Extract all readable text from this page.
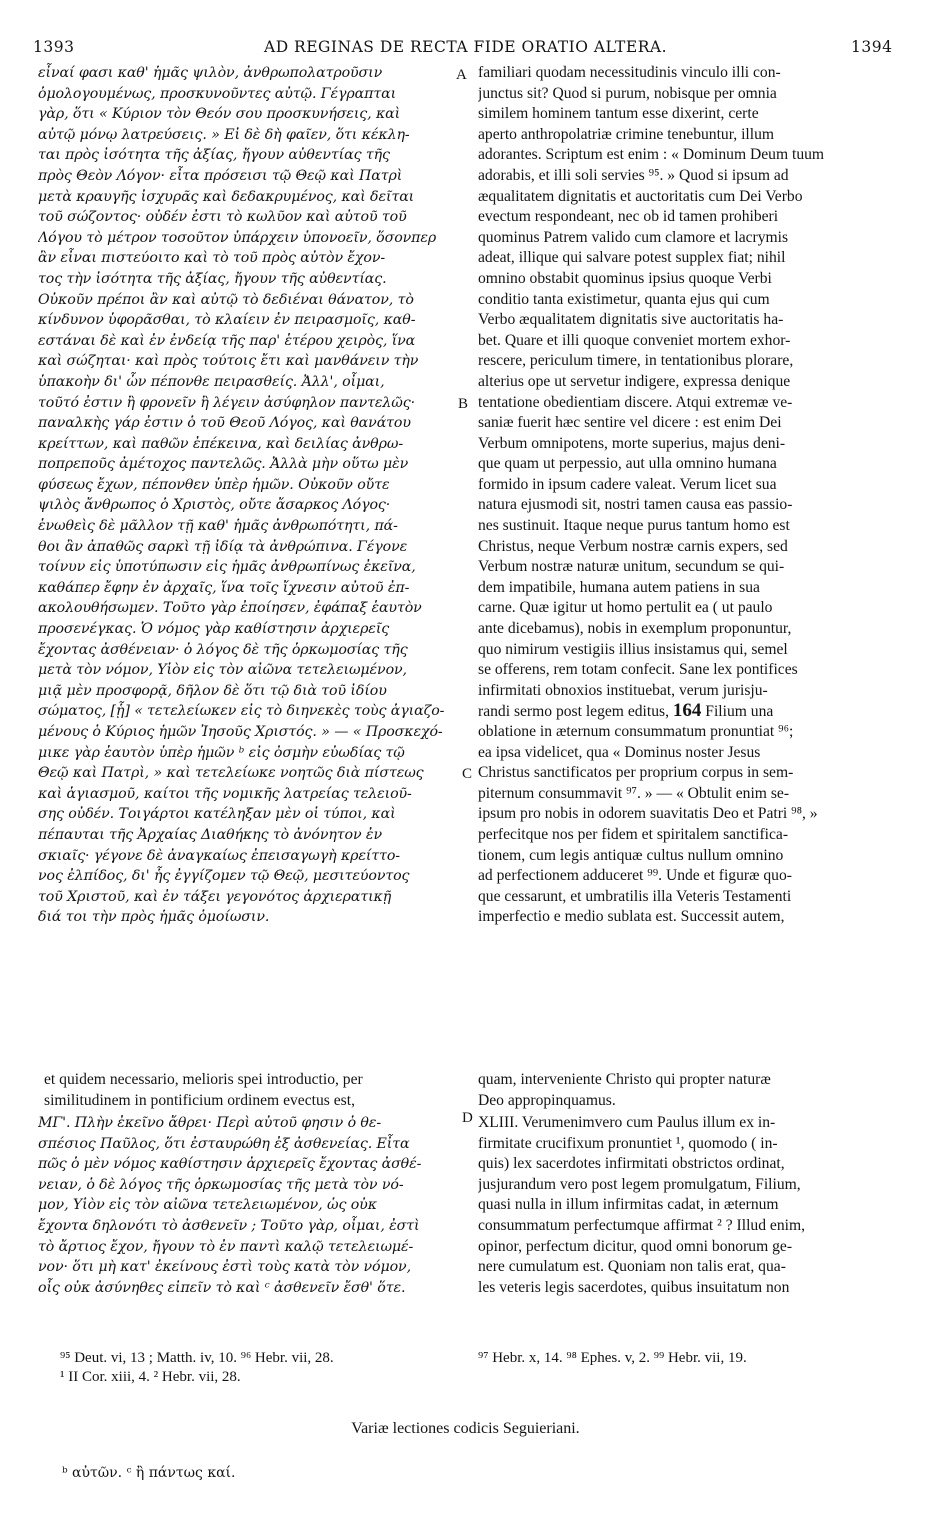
1393	AD REGINAS DE RECTA FIDE ORATIO ALTERA.	1394
εἶναί φασι καθ' ἡμᾶς ψιλὸν, ἀνθρωπολατροῦσιν
ὁμολογουμένως, προσκυνοῦντες αὐτῷ. Γέγραπται
γὰρ, ὅτι « Κύριον τὸν Θεόν σου προσκυνήσεις, καὶ
αὐτῷ μόνῳ λατρεύσεις. » Εἰ δὲ δὴ φαῖεν, ὅτι κέκλη-
ται πρὸς ἰσότητα τῆς ἀξίας, ἤγουν αὐθεντίας τῆς
πρὸς Θεὸν Λόγον· εἶτα πρόσεισι τῷ Θεῷ καὶ Πατρὶ
μετὰ κραυγῆς ἰσχυρᾶς καὶ δεδακρυμένος, καὶ δεῖται
τοῦ σώζοντος· οὐδέν ἐστι τὸ κωλῦον καὶ αὐτοῦ τοῦ
Λόγου τὸ μέτρον τοσοῦτον ὑπάρχειν ὑπονοεῖν, ὅσονπερ
ἂν εἶναι πιστεύοιτο καὶ τὸ τοῦ πρὸς αὐτὸν ἔχον-
τος τὴν ἰσότητα τῆς ἀξίας, ἤγουν τῆς αὐθεντίας.
Οὐκοῦν πρέποι ἂν καὶ αὐτῷ τὸ δεδιέναι θάνατον, τὸ
κίνδυνον ὑφορᾶσθαι, τὸ κλαίειν ἐν πειρασμοῖς, καθ-
εστάναι δὲ καὶ ἐν ἐνδείᾳ τῆς παρ' ἑτέρου χειρὸς, ἵνα
καὶ σώζηται· καὶ πρὸς τούτοις ἔτι καὶ μανθάνειν τὴν
ὑπακοὴν δι' ὧν πέπονθε πειρασθείς. Ἀλλ', οἶμαι,
τοῦτό ἐστιν ἢ φρονεῖν ἢ λέγειν ἀσύφηλον παντελῶς·
παναλκὴς γάρ ἐστιν ὁ τοῦ Θεοῦ Λόγος, καὶ θανάτου
κρείττων, καὶ παθῶν ἐπέκεινα, καὶ δειλίας ἀνθρω-
ποπρεποῦς ἀμέτοχος παντελῶς. Ἀλλὰ μὴν οὕτω μὲν
φύσεως ἔχων, πέπονθεν ὑπὲρ ἡμῶν. Οὐκοῦν οὔτε
ψιλὸς ἄνθρωπος ὁ Χριστὸς, οὔτε ἄσαρκος Λόγος·
ἑνωθεὶς δὲ μᾶλλον τῇ καθ' ἡμᾶς ἀνθρωπότητι, πά-
θοι ἂν ἀπαθῶς σαρκὶ τῇ ἰδίᾳ τὰ ἀνθρώπινα. Γέγονε
τοίνυν εἰς ὑποτύπωσιν εἰς ἡμᾶς ἀνθρωπίνως ἐκεῖνα,
καθάπερ ἔφην ἐν ἀρχαῖς, ἵνα τοῖς ἴχνεσιν αὐτοῦ ἐπ-
ακολουθήσωμεν. Τοῦτο γὰρ ἐποίησεν, ἐφάπαξ ἑαυτὸν
προσενέγκας. Ὁ νόμος γὰρ καθίστησιν ἀρχιερεῖς
ἔχοντας ἀσθένειαν· ὁ λόγος δὲ τῆς ὁρκωμοσίας τῆς
μετὰ τὸν νόμον, Υἱὸν εἰς τὸν αἰῶνα τετελειωμένον,
μιᾷ μὲν προσφορᾷ, δῆλον δὲ ὅτι τῷ διὰ τοῦ ἰδίου
σώματος, [ᾗ] « τετελείωκεν εἰς τὸ διηνεκὲς τοὺς ἁγιαζο-
μένους ὁ Κύριος ἡμῶν Ἰησοῦς Χριστός. » — « Προσκεχό-
μικε γὰρ ἑαυτὸν ὑπὲρ ἡμῶν ᵇ εἰς ὀσμὴν εὐωδίας τῷ
Θεῷ καὶ Πατρὶ, » καὶ τετελείωκε νοητῶς διὰ πίστεως
καὶ ἁγιασμοῦ, καίτοι τῆς νομικῆς λατρείας τελειοῦ-
σης οὐδέν. Τοιγάρτοι κατέληξαν μὲν οἱ τύποι, καὶ
πέπαυται τῆς Ἀρχαίας Διαθήκης τὸ ἀνόνητον ἐν
σκιαῖς· γέγονε δὲ ἀναγκαίως ἐπεισαγωγὴ κρείττο-
νος ἐλπίδος, δι' ἧς ἐγγίζομεν τῷ Θεῷ, μεσιτεύοντος
τοῦ Χριστοῦ, καὶ ἐν τάξει γεγονότος ἀρχιερατικῇ
διά τοι τὴν πρὸς ἡμᾶς ὁμοίωσιν.
familiari quodam necessitudinis vinculo illi con-
junctus sit? Quod si purum, nobisque per omnia
similem hominem tantum esse dixerint, certe
aperto anthropolatriæ crimine tenebuntur, illum
adorantes. Scriptum est enim : « Dominum Deum tuum
adorabis, et illi soli servies ⁹⁵. » Quod si ipsum ad
æqualitatem dignitatis et auctoritatis cum Dei Verbo
evectum respondeant, nec ob id tamen prohiberi
quominus Patrem valido cum clamore et lacrymis
adeat, illique qui salvare potest supplex fiat; nihil
omnino obstabit quominus ipsius quoque Verbi
conditio tanta existimetur, quanta ejus qui cum
Verbo æqualitatem dignitatis sive auctoritatis ha-
bet. Quare et illi quoque conveniet mortem exhor-
rescere, periculum timere, in tentationibus plorare,
alterius ope ut servetur indigere, expressa denique
tentatione obedientiam discere. Atqui extremæ ve-
saniæ fuerit hæc sentire vel dicere : est enim Dei
Verbum omnipotens, morte superius, majus deni-
que quam ut perpessio, aut ulla omnino humana
formido in ipsum cadere valeat. Verum licet sua
natura ejusmodi sit, nostri tamen causa eas passio-
nes sustinuit. Itaque neque purus tantum homo est
Christus, neque Verbum nostræ carnis expers, sed
Verbum nostræ naturæ unitum, secundum se qui-
dem impatibile, humana autem patiens in sua
carne. Quæ igitur ut homo pertulit ea ( ut paulo
ante dicebamus), nobis in exemplum proponuntur,
quo nimirum vestigiis illius insistamus qui, semel
se offerens, rem totam confecit. Sane lex pontifices
infirmitati obnoxios instituebat, verum jurisju-
randi sermo post legem editus, 164 Filium una
oblatione in æternum consummatum pronuntiat ⁹⁶;
ea ipsa videlicet, qua « Dominus noster Jesus
Christus sanctificatos per proprium corpus in sem-
piternum consummavit ⁹⁷. » — « Obtulit enim se-
ipsum pro nobis in odorem suavitatis Deo et Patri ⁹⁸, »
perfecitque nos per fidem et spiritalem sanctifica-
tionem, cum legis antiquæ cultus nullum omnino
ad perfectionem adduceret ⁹⁹. Unde et figuræ quo-
que cessarunt, et umbratilis illa Veteris Testamenti
imperfectio e medio sublata est. Successit autem,
A
B
C
D
et quidem necessario, melioris spei introductio, per	quam, interveniente Christo qui propter naturæ
similitudinem in pontificium ordinem evectus est,	Deo appropinquamus.
ΜΓ'. Πλὴν ἐκεῖνο ἄθρει· Περὶ αὐτοῦ φησιν ὁ θε-
σπέσιος Παῦλος, ὅτι ἐσταυρώθη ἐξ ἀσθενείας. Εἶτα
πῶς ὁ μὲν νόμος καθίστησιν ἀρχιερεῖς ἔχοντας ἀσθέ-
νειαν, ὁ δὲ λόγος τῆς ὁρκωμοσίας τῆς μετὰ τὸν νό-
μον, Υἱὸν εἰς τὸν αἰῶνα τετελειωμένον, ὡς οὐκ
ἔχοντα δηλονότι τὸ ἀσθενεῖν ; Τοῦτο γὰρ, οἶμαι, ἐστὶ
τὸ ἄρτιος ἔχον, ἤγουν τὸ ἐν παντὶ καλῷ τετελειωμέ-
νον· ὅτι μὴ κατ' ἐκείνους ἐστὶ τοὺς κατὰ τὸν νόμον,
οἷς οὐκ ἀσύνηθες εἰπεῖν τὸ καὶ ᶜ ἀσθενεῖν ἔσθ' ὅτε.
XLIII. Verumenimvero cum Paulus illum ex in-
firmitate crucifixum pronuntiet ¹, quomodo ( in-
quis) lex sacerdotes infirmitati obstrictos ordinat,
jusjurandum vero post legem promulgatum, Filium,
quasi nulla in illum infirmitas cadat, in æternum
consummatum perfectumque affirmat ² ? Illud enim,
opinor, perfectum dicitur, quod omni bonorum ge-
nere cumulatum est. Quoniam non talis erat, qua-
les veteris legis sacerdotes, quibus insuitatum non
⁹⁵ Deut. vi, 13 ; Matth. iv, 10. ⁹⁶ Hebr. vii, 28.	⁹⁷ Hebr. x, 14. ⁹⁸ Ephes. v, 2. ⁹⁹ Hebr. vii, 19.
¹ II Cor. xiii, 4. ² Hebr. vii, 28.
Variæ lectiones codicis Seguieriani.
ᵇ αὐτῶν. ᶜ ἢ πάντως καί.
